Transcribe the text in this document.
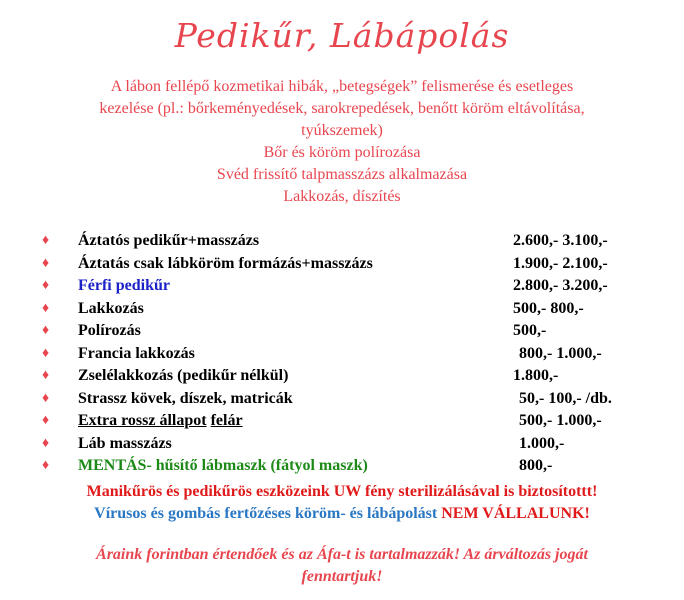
Pedikűr, Lábápolás
A lábon fellépő kozmetikai hibák, „betegségek” felismerése és esetleges
kezelése (pl.: bőrkeményedések, sarokrepedések, benőtt köröm eltávolítása,
tyúkszemek)
Bőr és köröm polírozása
Svéd frissítő talpmasszázs alkalmazása
Lakkozás, díszítés
♦ Áztatós pedikűr+masszázs	2.600,- 3.100,-
♦ Áztatás csak lábköröm formázás+masszázs	1.900,- 2.100,-
♦ Férfi pedikűr	2.800,- 3.200,-
♦ Lakkozás	500,- 800,-
♦ Polírozás	500,-
♦ Francia lakkozás	800,- 1.000,-
♦ Zselélakkozás (pedikűr nélkül)	1.800,-
♦ Strassz kövek, díszek, matricák	50,- 100,- /db.
♦ Extra rossz állapot felár	500,- 1.000,-
♦ Láb masszázs	1.000,-
♦ MENTÁS- hűsítő lábmaszk (fátyol maszk)	800,-
Manikűrös és pedikűrös eszközeink UW fény sterilizálásával is biztosítottt!
Vírusos és gombás fertőzéses köröm- és lábápolást NEM VÁLLALUNK!
Áraink forintban értendőek és az Áfa-t is tartalmazzák! Az árváltozás jogát
fenntartjuk!
